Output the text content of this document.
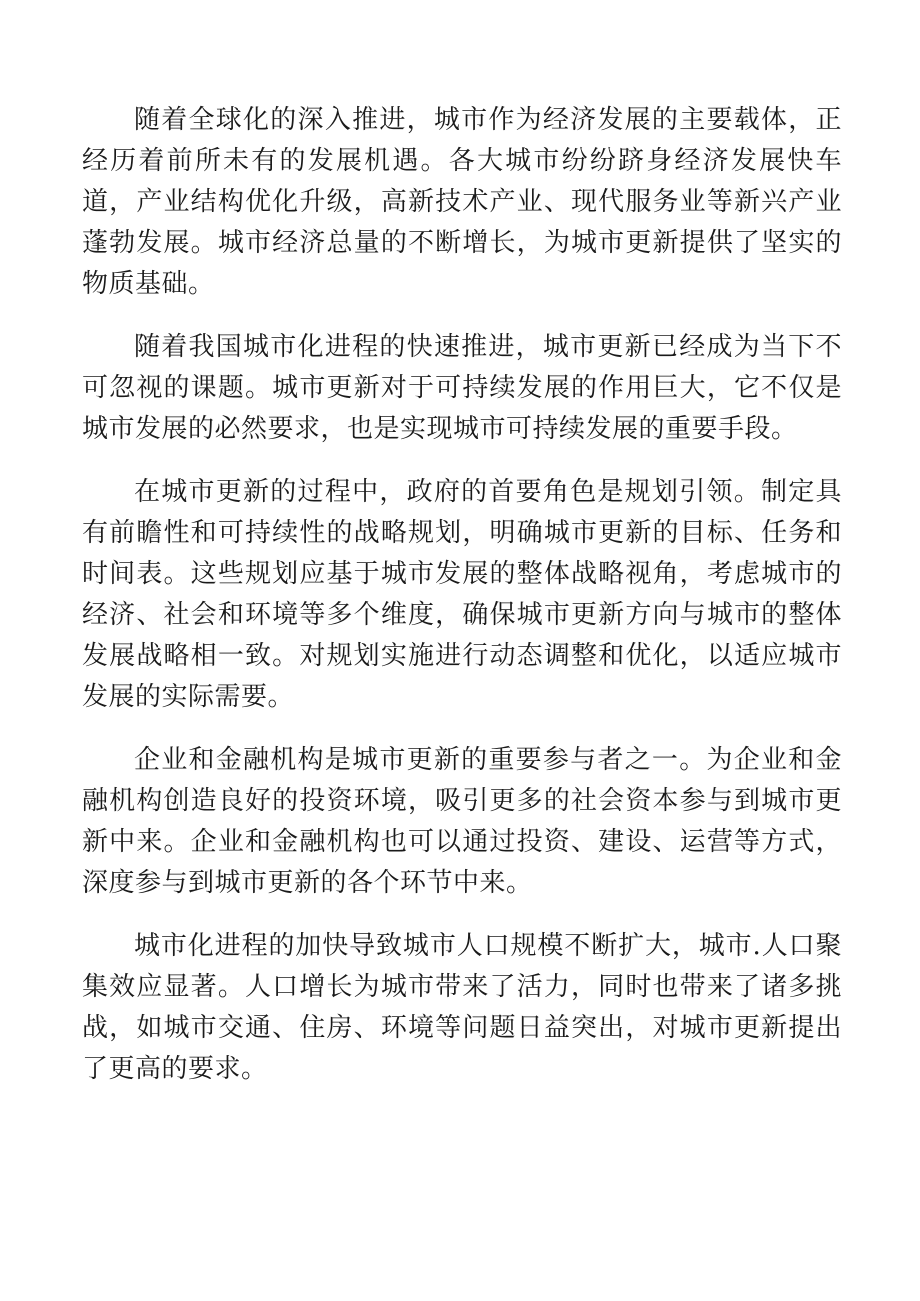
随着全球化的深入推进，城市作为经济发展的主要载体，正经历着前所未有的发展机遇。各大城市纷纷跻身经济发展快车道，产业结构优化升级，高新技术产业、现代服务业等新兴产业蓬勃发展。城市经济总量的不断增长，为城市更新提供了坚实的物质基础。

随着我国城市化进程的快速推进，城市更新已经成为当下不可忽视的课题。城市更新对于可持续发展的作用巨大，它不仅是城市发展的必然要求，也是实现城市可持续发展的重要手段。

在城市更新的过程中，政府的首要角色是规划引领。制定具有前瞻性和可持续性的战略规划，明确城市更新的目标、任务和时间表。这些规划应基于城市发展的整体战略视角，考虑城市的经济、社会和环境等多个维度，确保城市更新方向与城市的整体发展战略相一致。对规划实施进行动态调整和优化，以适应城市发展的实际需要。

企业和金融机构是城市更新的重要参与者之一。为企业和金融机构创造良好的投资环境，吸引更多的社会资本参与到城市更新中来。企业和金融机构也可以通过投资、建设、运营等方式，深度参与到城市更新的各个环节中来。

城市化进程的加快导致城市人口规模不断扩大，城市.人口聚集效应显著。人口增长为城市带来了活力，同时也带来了诸多挑战，如城市交通、住房、环境等问题日益突出，对城市更新提出了更高的要求。
